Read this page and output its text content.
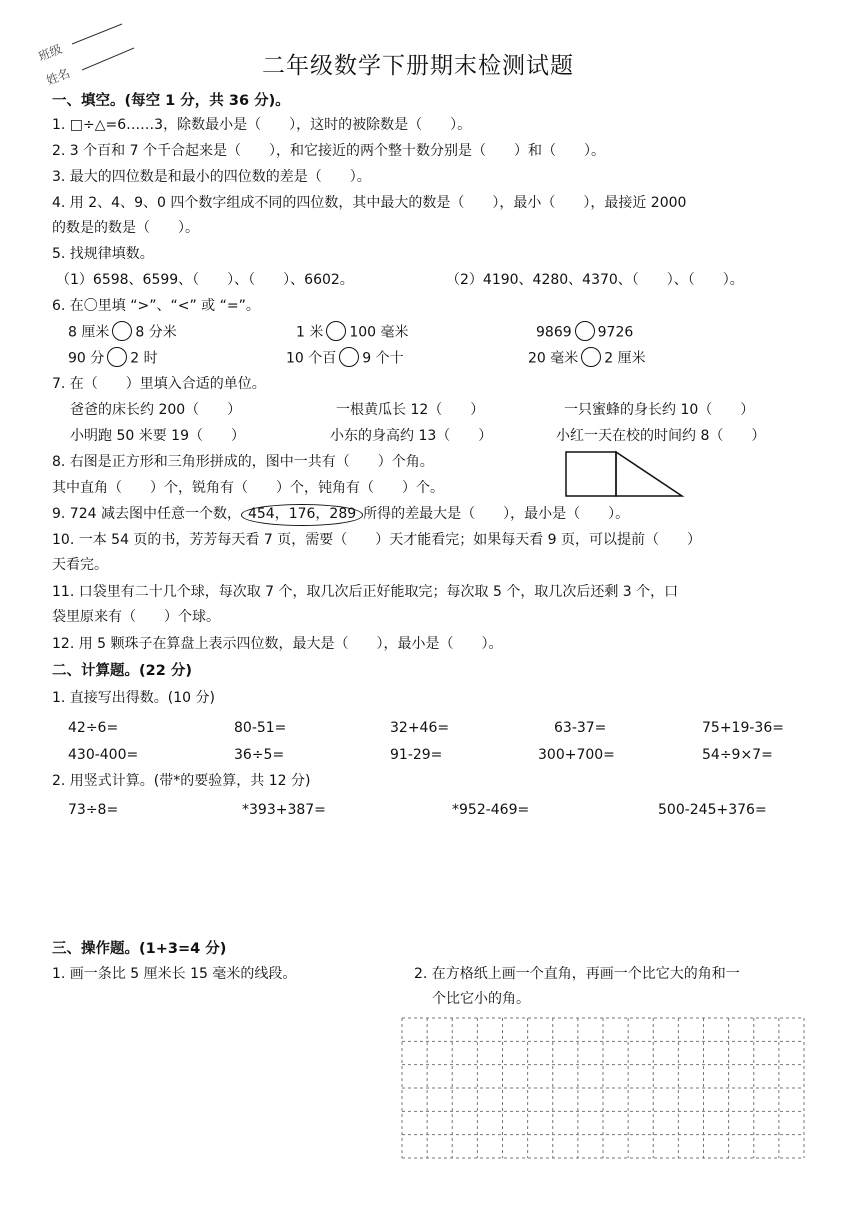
班级
姓名	二年级数学下册期末检测试题
一、填空。(每空 1 分，共 36 分)。
1. □÷△=6……3，除数最小是（　　），这时的被除数是（　　）。
2. 3 个百和 7 个千合起来是（　　），和它接近的两个整十数分别是（　　）和（　　）。
3. 最大的四位数是和最小的四位数的差是（　　）。
4. 用 2、4、9、0 四个数字组成不同的四位数，其中最大的数是（　　），最小（　　），最接近 2000
的数是的数是（　　）。
5. 找规律填数。
（1）6598、6599、（　　）、（　　）、6602。	（2）4190、4280、4370、（　　）、（　　）。
6. 在〇里填 “>”、“<” 或 “=”。
8 厘米 8 分米	1 米 100 毫米	9869 9726
90 分 2 时	10 个百 9 个十	20 毫米 2 厘米
7. 在（　　）里填入合适的单位。
爸爸的床长约 200（　　）	一根黄瓜长 12（　　）	一只蜜蜂的身长约 10（　　）
小明跑 50 米要 19（　　）	小东的身高约 13（　　）	小红一天在校的时间约 8（　　）
8. 右图是正方形和三角形拼成的，图中一共有（　　）个角。
其中直角（　　）个，锐角有（　　）个，钝角有（　　）个。
9. 724 减去图中任意一个数， 454，176，289 所得的差最大是（　　），最小是（　　）。
10. 一本 54 页的书，芳芳每天看 7 页，需要（　　）天才能看完；如果每天看 9 页，可以提前（　　）
天看完。
11. 口袋里有二十几个球，每次取 7 个，取几次后正好能取完；每次取 5 个，取几次后还剩 3 个，口
袋里原来有（　　）个球。
12. 用 5 颗珠子在算盘上表示四位数，最大是（　　），最小是（　　）。
二、计算题。(22 分)
1. 直接写出得数。(10 分)
42÷6=	80-51=	32+46=	63-37=	75+19-36=
430-400=	36÷5=	91-29=	300+700=	54÷9×7=
2. 用竖式计算。(带*的要验算，共 12 分)
73÷8=	*393+387=	*952-469=	500-245+376=
三、操作题。(1+3=4 分)
1. 画一条比 5 厘米长 15 毫米的线段。	2. 在方格纸上画一个直角，再画一个比它大的角和一
个比它小的角。
